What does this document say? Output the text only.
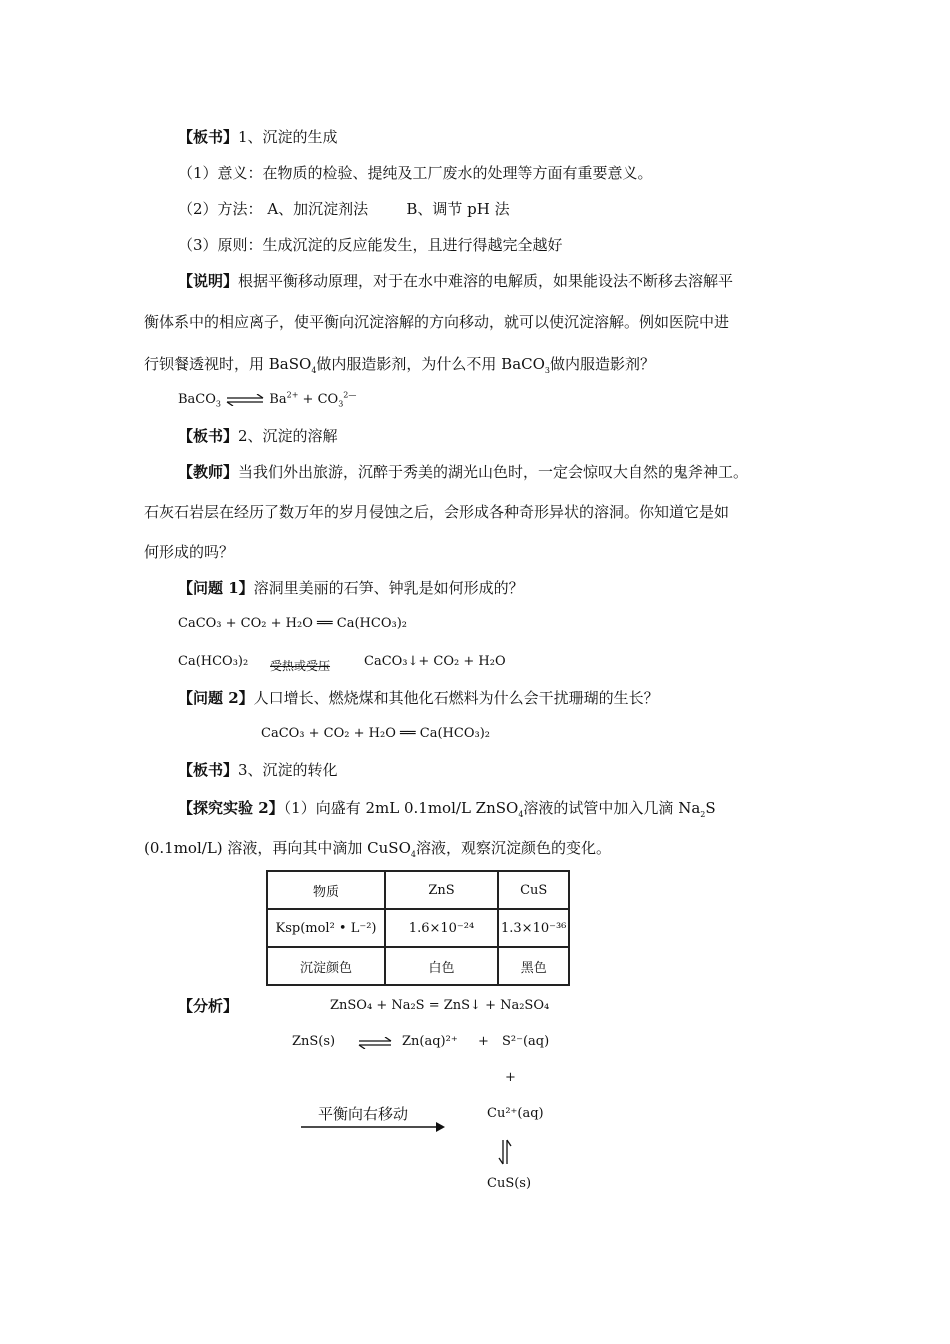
【板书】1、沉淀的生成
（1）意义：在物质的检验、提纯及工厂废水的处理等方面有重要意义。
（2）方法： A、加沉淀剂法	B、调节 pH 法
（3）原则：生成沉淀的反应能发生，且进行得越完全越好
【说明】根据平衡移动原理，对于在水中难溶的电解质，如果能设法不断移去溶解平
衡体系中的相应离子，使平衡向沉淀溶解的方向移动，就可以使沉淀溶解。例如医院中进
行钡餐透视时，用 BaSO$_4$做内服造影剂，为什么不用 BaCO$_3$做内服造影剂？
BaCO$_3$ ⇌ $Ba^{2+} + CO_3^{2—}$
【板书】2、沉淀的溶解
【教师】当我们外出旅游，沉醉于秀美的湖光山色时，一定会惊叹大自然的鬼斧神工。
石灰石岩层在经历了数万年的岁月侵蚀之后，会形成各种奇形异状的溶洞。你知道它是如
何形成的吗？
【问题 1】溶洞里美丽的石笋、钟乳是如何形成的？
CaCO₃ + CO₂ + H₂O ══ Ca(HCO₃)₂
Ca(HCO₃)₂ 受热或受压	CaCO₃↓+ CO₂ + H₂O
【问题 2】人口增长、燃烧煤和其他化石燃料为什么会干扰珊瑚的生长？
CaCO₃ + CO₂ + H₂O ══ Ca(HCO₃)₂
【板书】3、沉淀的转化
【探究实验 2】（1）向盛有 2mL 0.1mol/L ZnSO$_4$溶液的试管中加入几滴 $Na_2S$
(0.1mol/L) 溶液，再向其中滴加 CuSO$_4$溶液，观察沉淀颜色的变化。
物质	ZnS	CuS
Ksp(mol² • L⁻²)	1.6×10⁻²⁴	1.3×10⁻³⁶
沉淀颜色	白色	黑色
【分析】	ZnSO₄ + Na₂S = ZnS↓ + Na₂SO₄
ZnS(s) ⇌ Zn(aq)²⁺ + S²⁻(aq)
+
平衡向右移动	Cu²⁺(aq)
CuS(s)
